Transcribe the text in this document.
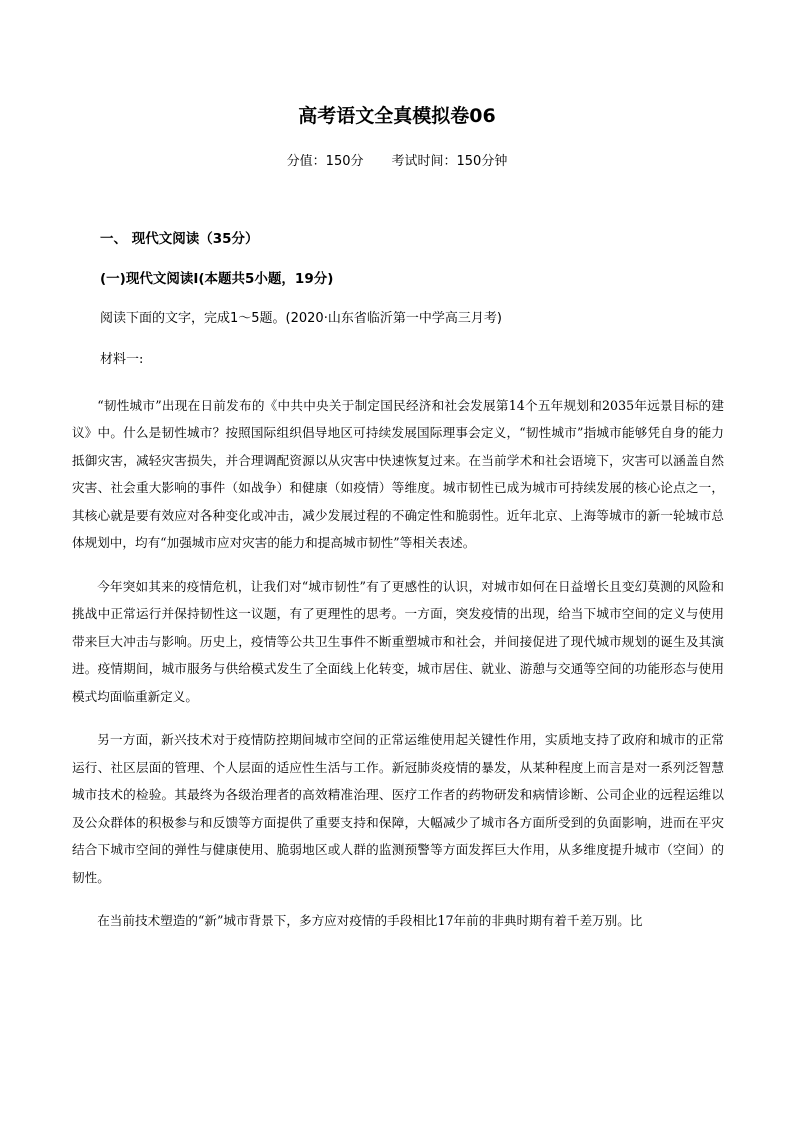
高考语文全真模拟卷06
分值：150分 考试时间：150分钟
一、 现代文阅读（35分）
(一)现代文阅读Ⅰ(本题共5小题，19分)
阅读下面的文字，完成1～5题。(2020·山东省临沂第一中学高三月考)
材料一:

“韧性城市”出现在日前发布的《中共中央关于制定国民经济和社会发展第14个五年规划和2035年远景目标的建议》中。什么是韧性城市？按照国际组织倡导地区可持续发展国际理事会定义，“韧性城市”指城市能够凭自身的能力抵御灾害，减轻灾害损失，并合理调配资源以从灾害中快速恢复过来。在当前学术和社会语境下，灾害可以涵盖自然灾害、社会重大影响的事件（如战争）和健康（如疫情）等维度。城市韧性已成为城市可持续发展的核心论点之一，其核心就是要有效应对各种变化或冲击，减少发展过程的不确定性和脆弱性。近年北京、上海等城市的新一轮城市总体规划中，均有“加强城市应对灾害的能力和提高城市韧性”等相关表述。

今年突如其来的疫情危机，让我们对“城市韧性”有了更感性的认识，对城市如何在日益增长且变幻莫测的风险和挑战中正常运行并保持韧性这一议题，有了更理性的思考。一方面，突发疫情的出现，给当下城市空间的定义与使用带来巨大冲击与影响。历史上，疫情等公共卫生事件不断重塑城市和社会，并间接促进了现代城市规划的诞生及其演进。疫情期间，城市服务与供给模式发生了全面线上化转变，城市居住、就业、游憩与交通等空间的功能形态与使用模式均面临重新定义。

另一方面，新兴技术对于疫情防控期间城市空间的正常运维使用起关键性作用，实质地支持了政府和城市的正常运行、社区层面的管理、个人层面的适应性生活与工作。新冠肺炎疫情的暴发，从某种程度上而言是对一系列泛智慧城市技术的检验。其最终为各级治理者的高效精准治理、医疗工作者的药物研发和病情诊断、公司企业的远程运维以及公众群体的积极参与和反馈等方面提供了重要支持和保障，大幅减少了城市各方面所受到的负面影响，进而在平灾结合下城市空间的弹性与健康使用、脆弱地区或人群的监测预警等方面发挥巨大作用，从多维度提升城市（空间）的韧性。

在当前技术塑造的“新”城市背景下，多方应对疫情的手段相比17年前的非典时期有着千差万别。比
